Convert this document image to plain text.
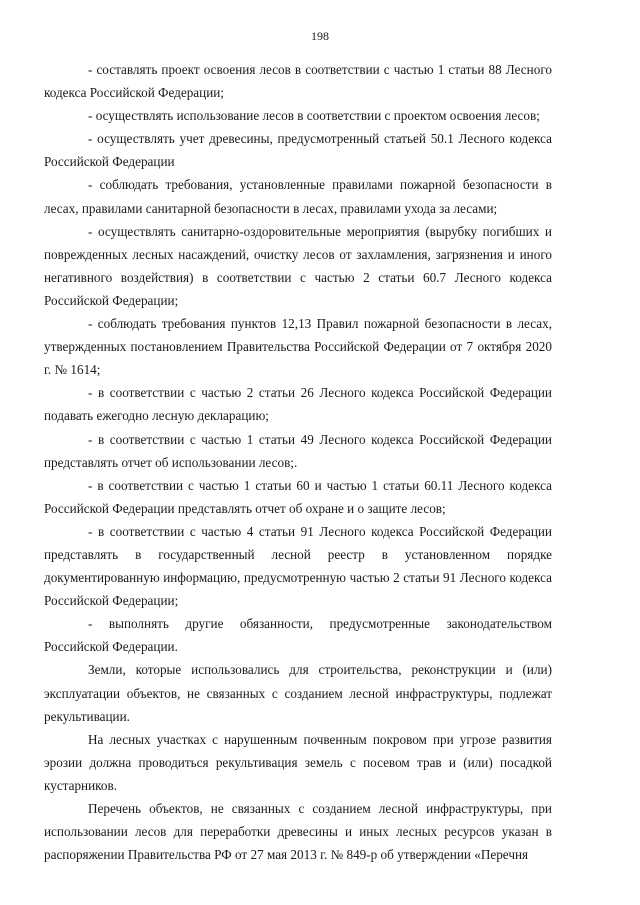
198

- составлять проект освоения лесов в соответствии с частью 1 статьи 88 Лесного кодекса Российской Федерации;

- осуществлять использование лесов в соответствии с проектом освоения лесов;

- осуществлять учет древесины, предусмотренный статьей 50.1 Лесного кодекса Российской Федерации

- соблюдать требования, установленные правилами пожарной безопасности в лесах, правилами санитарной безопасности в лесах, правилами ухода за лесами;

- осуществлять санитарно-оздоровительные мероприятия (вырубку погибших и поврежденных лесных насаждений, очистку лесов от захламления, загрязнения и иного негативного воздействия) в соответствии с частью 2 статьи 60.7 Лесного кодекса Российской Федерации;

- соблюдать требования пунктов 12,13 Правил пожарной безопасности в лесах, утвержденных постановлением Правительства Российской Федерации от 7 октября 2020 г. № 1614;

- в соответствии с частью 2 статьи 26 Лесного кодекса Российской Федерации подавать ежегодно лесную декларацию;

- в соответствии с частью 1 статьи 49 Лесного кодекса Российской Федерации представлять отчет об использовании лесов;.

- в соответствии с частью 1 статьи 60 и частью 1 статьи 60.11 Лесного кодекса Российской Федерации представлять отчет об охране и о защите лесов;

- в соответствии с частью 4 статьи 91 Лесного кодекса Российской Федерации представлять в государственный лесной реестр в установленном порядке документированную информацию, предусмотренную частью 2 статьи 91 Лесного кодекса Российской Федерации;

- выполнять другие обязанности, предусмотренные законодательством Российской Федерации.

Земли, которые использовались для строительства, реконструкции и (или) эксплуатации объектов, не связанных с созданием лесной инфраструктуры, подлежат рекультивации.

На лесных участках с нарушенным почвенным покровом при угрозе развития эрозии должна проводиться рекультивация земель с посевом трав и (или) посадкой кустарников.

Перечень объектов, не связанных с созданием лесной инфраструктуры, при использовании лесов для переработки древесины и иных лесных ресурсов указан в распоряжении Правительства РФ от 27 мая 2013 г. № 849-р об утверждении «Перечня
